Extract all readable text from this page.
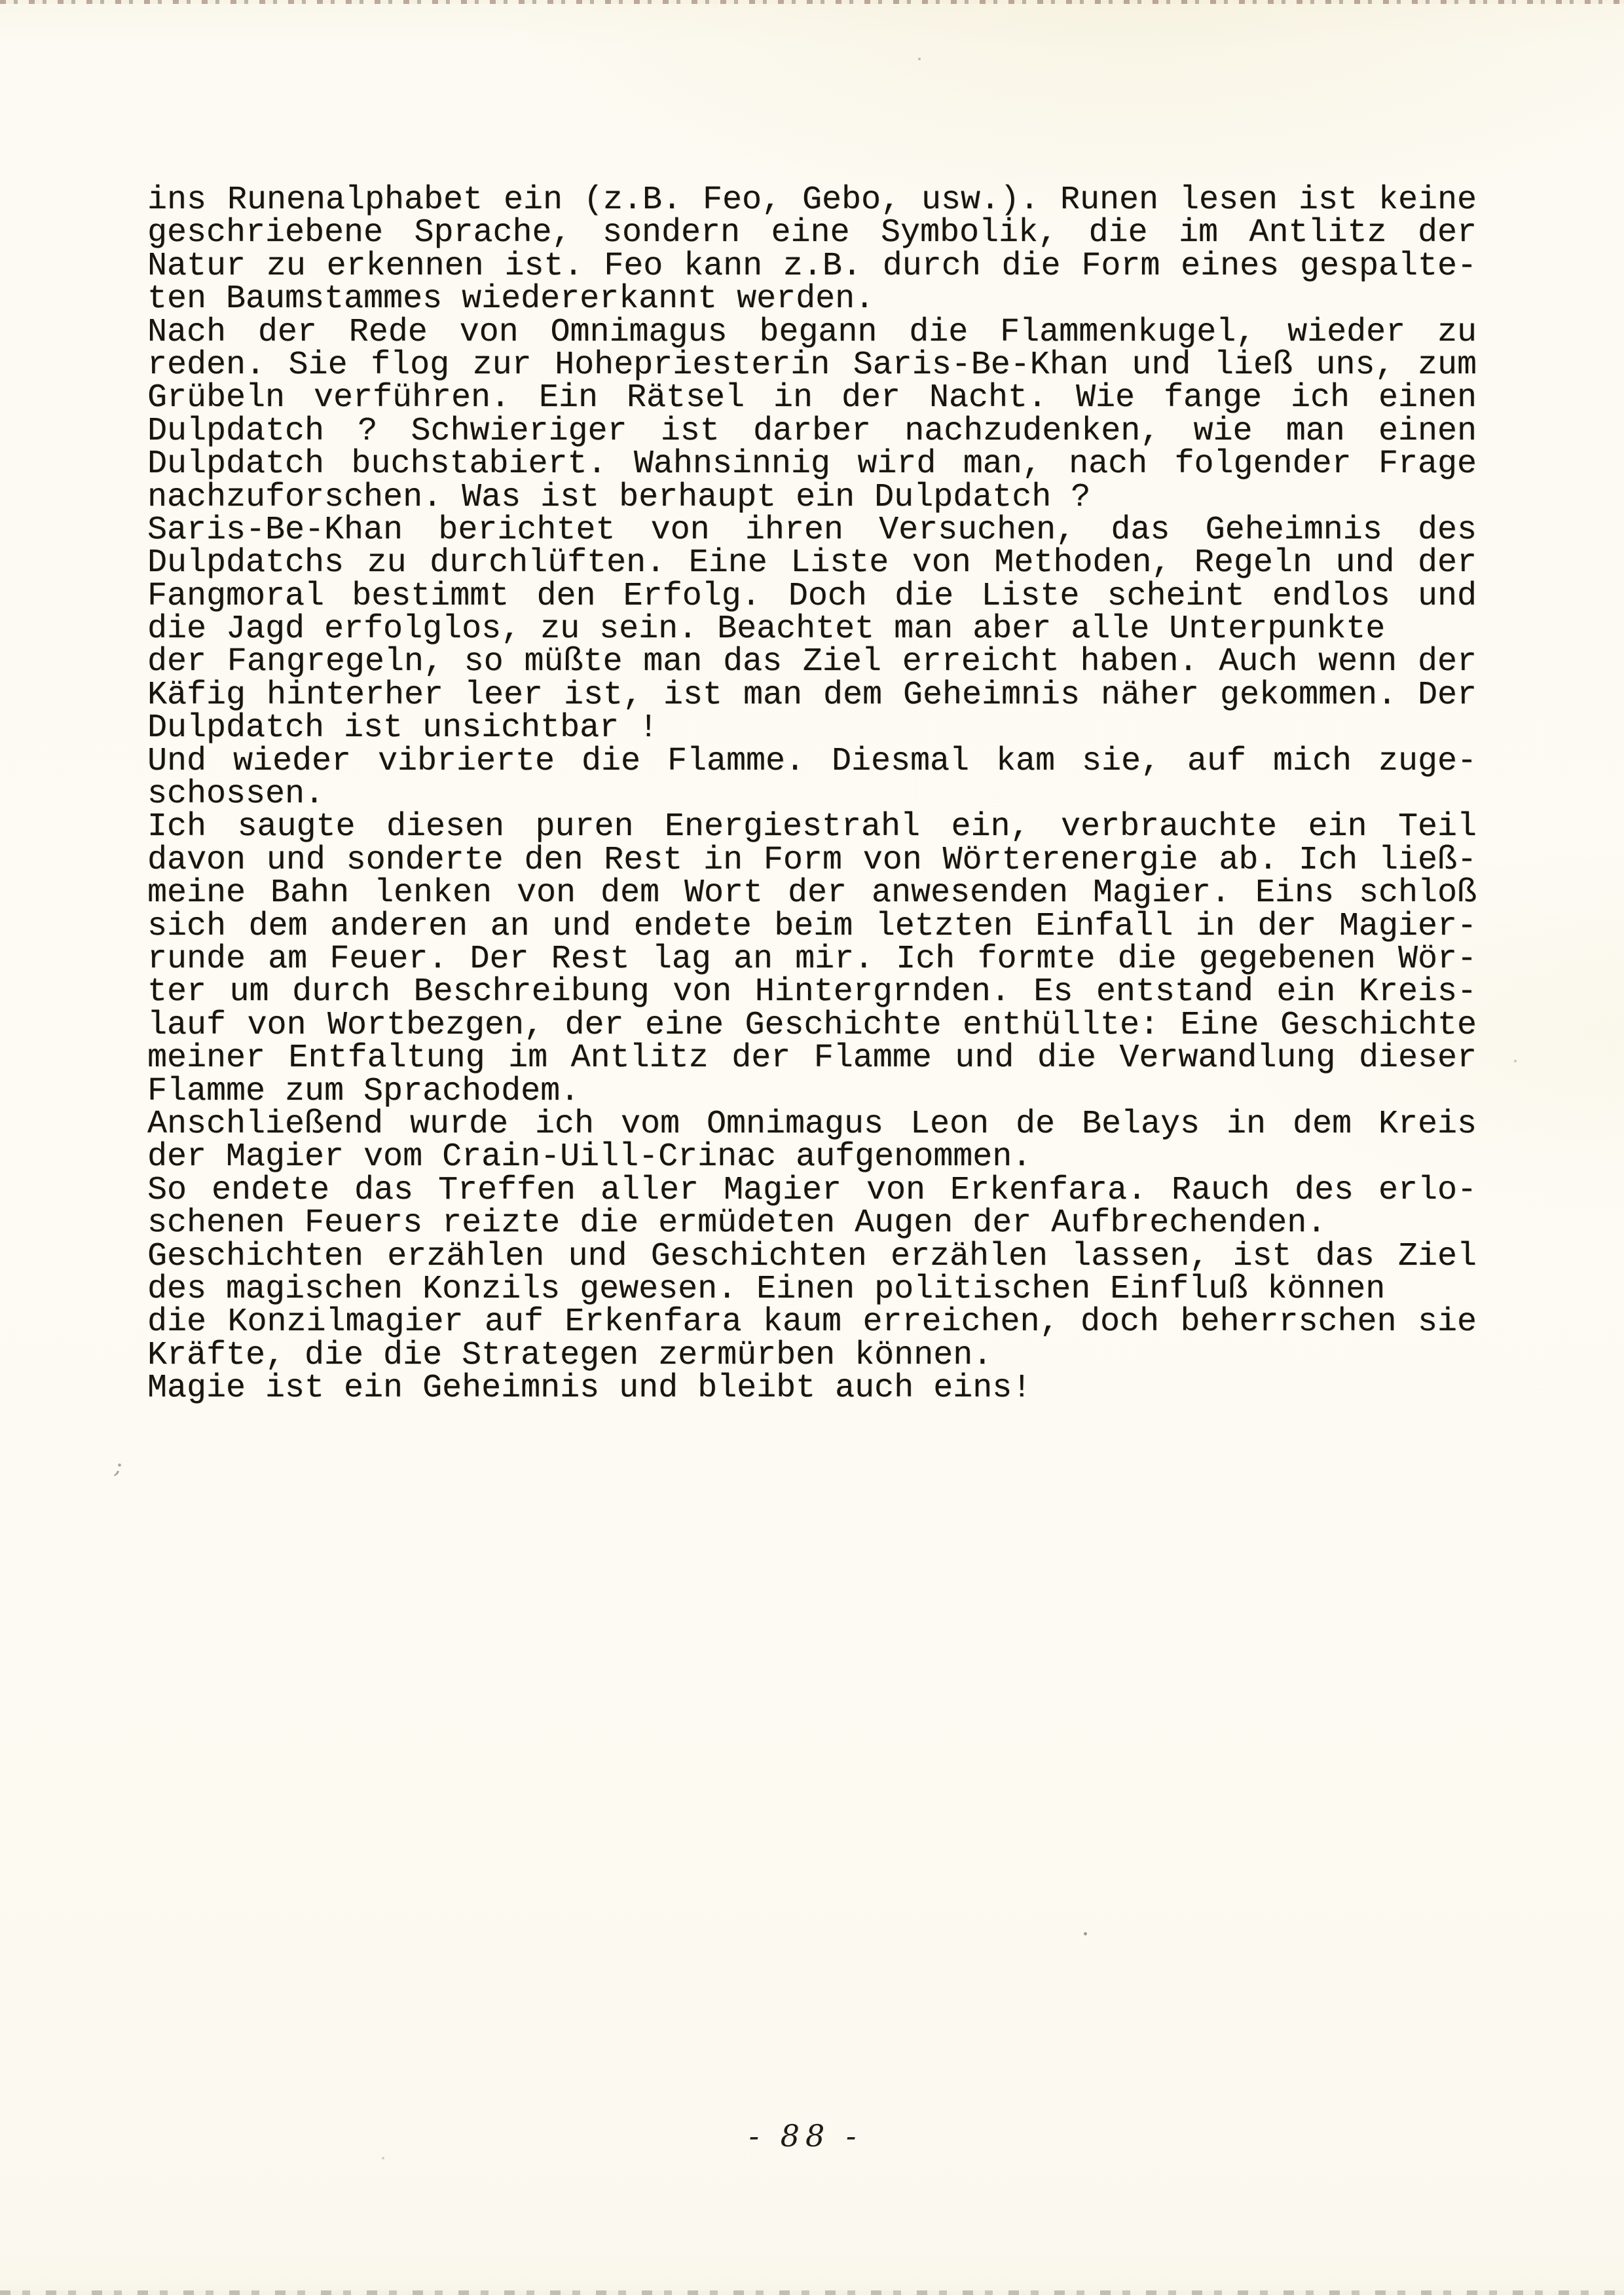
ins Runenalphabet ein (z.B. Feo, Gebo, usw.). Runen lesen ist keine
geschriebene Sprache, sondern eine Symbolik, die im Antlitz der
Natur zu erkennen ist. Feo kann z.B. durch die Form eines gespalte-
ten Baumstammes wiedererkannt werden.
Nach der Rede von Omnimagus begann die Flammenkugel, wieder zu
reden. Sie flog zur Hohepriesterin Saris-Be-Khan und ließ uns, zum
Grübeln verführen. Ein Rätsel in der Nacht. Wie fange ich einen
Dulpdatch ? Schwieriger ist darber nachzudenken, wie man einen
Dulpdatch buchstabiert. Wahnsinnig wird man, nach folgender Frage
nachzuforschen. Was ist berhaupt ein Dulpdatch ?
Saris-Be-Khan berichtet von ihren Versuchen, das Geheimnis des
Dulpdatchs zu durchlüften. Eine Liste von Methoden, Regeln und der
Fangmoral bestimmt den Erfolg. Doch die Liste scheint endlos und
die Jagd erfolglos, zu sein. Beachtet man aber alle Unterpunkte
der Fangregeln, so müßte man das Ziel erreicht haben. Auch wenn der
Käfig hinterher leer ist, ist man dem Geheimnis näher gekommen. Der
Dulpdatch ist unsichtbar !
Und wieder vibrierte die Flamme. Diesmal kam sie, auf mich zuge-
schossen.
Ich saugte diesen puren Energiestrahl ein, verbrauchte ein Teil
davon und sonderte den Rest in Form von Wörterenergie ab. Ich ließ-
meine Bahn lenken von dem Wort der anwesenden Magier. Eins schloß
sich dem anderen an und endete beim letzten Einfall in der Magier-
runde am Feuer. Der Rest lag an mir. Ich formte die gegebenen Wör-
ter um durch Beschreibung von Hintergrnden. Es entstand ein Kreis-
lauf von Wortbezgen, der eine Geschichte enthüllte: Eine Geschichte
meiner Entfaltung im Antlitz der Flamme und die Verwandlung dieser
Flamme zum Sprachodem.
Anschließend wurde ich vom Omnimagus Leon de Belays in dem Kreis
der Magier vom Crain-Uill-Crinac aufgenommen.
So endete das Treffen aller Magier von Erkenfara. Rauch des erlo-
schenen Feuers reizte die ermüdeten Augen der Aufbrechenden.
Geschichten erzählen und Geschichten erzählen lassen, ist das Ziel
des magischen Konzils gewesen. Einen politischen Einfluß können
die Konzilmagier auf Erkenfara kaum erreichen, doch beherrschen sie
Kräfte, die die Strategen zermürben können.
Magie ist ein Geheimnis und bleibt auch eins!
;
- 88 -
